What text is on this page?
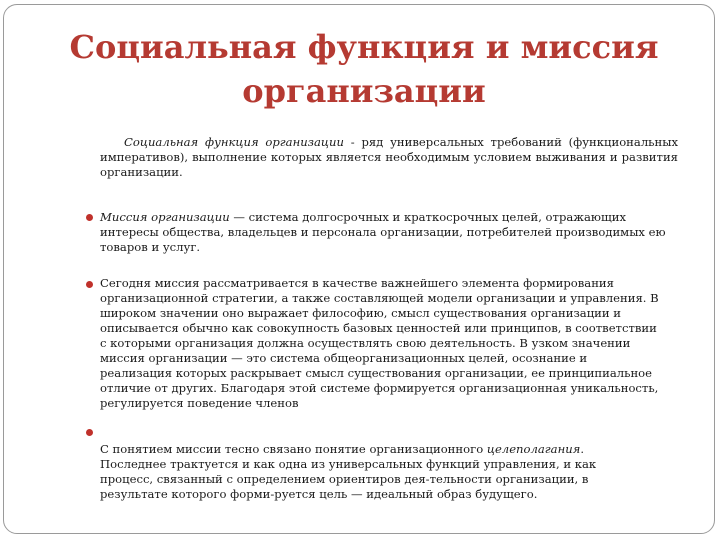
Социальная функция и миссия
организации

Социальная функция организации - ряд универсальных требований (функциональных императивов), выполнение которых является необходимым условием выживания и развития организации.

Миссия организации — система долгосрочных и краткосрочных целей, отражающих интересы общества, владельцев и персонала организации, потребителей производимых ею товаров и услуг.

Сегодня миссия рассматривается в качестве важнейшего элемента формирования организационной стратегии, а также составляющей модели организации и управления. В широком значении оно выражает философию, смысл существования организации и описывается обычно как совокупность базовых ценностей или принципов, в соответствии с которыми организация должна осуществлять свою деятельность. В узком значении миссия организации — это система общеорганизационных целей, осознание и реализация которых раскрывает смысл существования организации, ее принципиальное отличие от других. Благодаря этой системе формируется организационная уникальность, регулируется поведение членов

С понятием миссии тесно связано понятие организационного целеполагания. Последнее трактуется и как одна из универсальных функций управления, и как процесс, связанный с определением ориентиров дея-тельности организации, в результате которого форми-руется цель — идеальный образ будущего.
